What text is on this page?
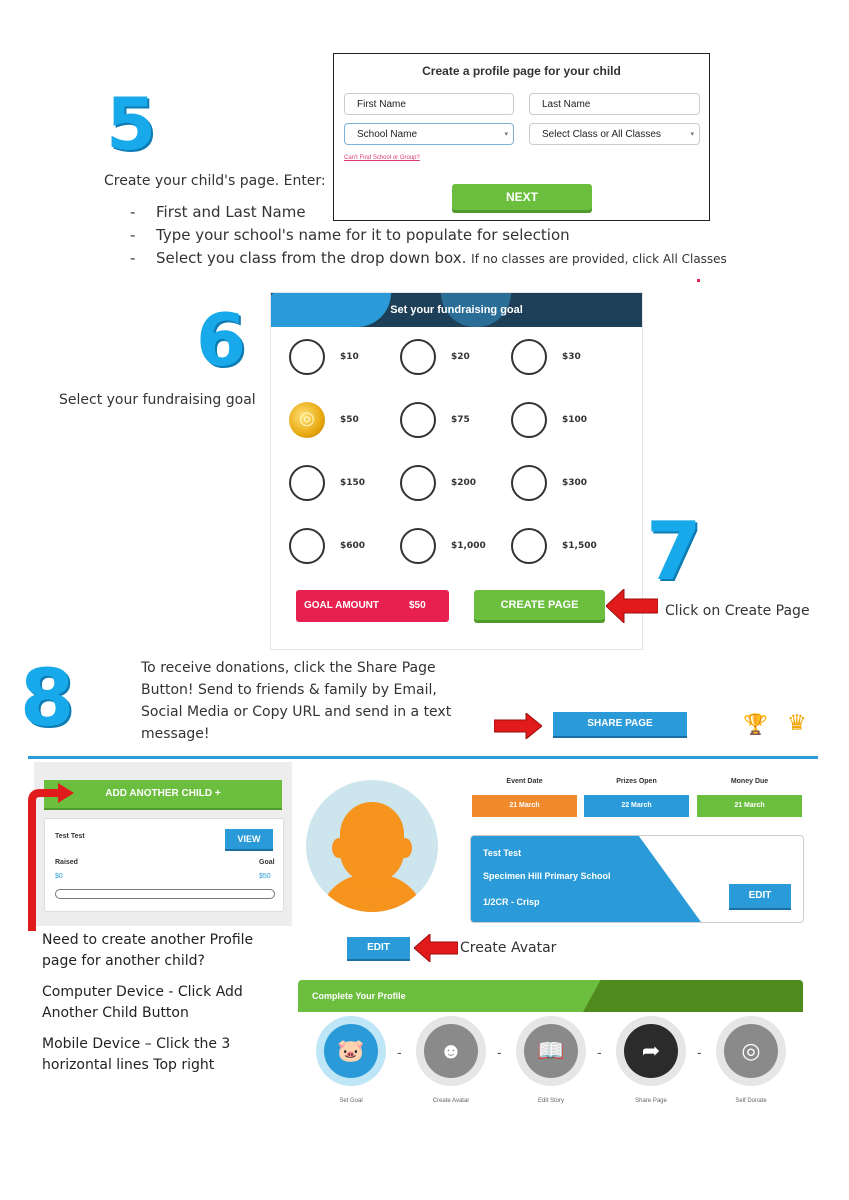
5
Create your child's page. Enter:
Create a profile page for your child
First Name	Last Name
School Name	▾	Select Class or All Classes	▾
Can't Find School or Group?
NEXT
- First and Last Name
- Type your school's name for it to populate for selection
- Select you class from the drop down box. If no classes are provided, click All Classes
6
Select your fundraising goal
Set your fundraising goal
$10	$20	$30
◎
$50	$75	$100
$150	$200	$300
$600	$1,000	$1,500
GOAL AMOUNT	$50	CREATE PAGE
7
Click on Create Page
8	To receive donations, click the Share Page Button! Send to friends & family by Email, Social Media or Copy URL and send in a text message!
SHARE PAGE	🏆 ♛
ADD ANOTHER CHILD +
Test Test	VIEW
Raised	Goal
$0	$50
Need to create another Profile page for another child?
Computer Device - Click Add Another Child Button
Mobile Device – Click the 3 horizontal lines Top right
EDIT	Create Avatar
Event Date	Prizes Open	Money Due
21 March	22 March	21 March
Test Test
Specimen Hill Primary School
1/2CR - Crisp
EDIT
Complete Your Profile
🐷	-	☻	-	📖	-	➦	-	◎
Set Goal	Create Avatar	Edit Story	Share Page	Self Donate
